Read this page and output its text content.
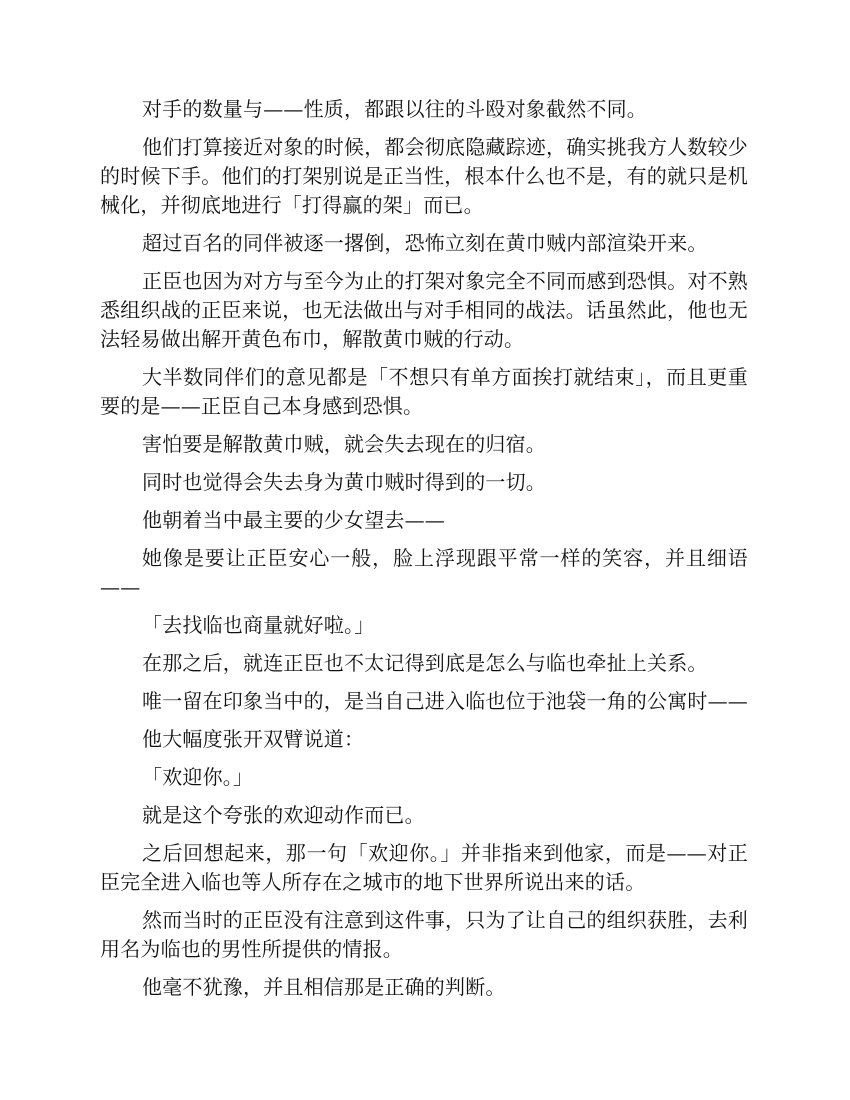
对手的数量与——性质，都跟以往的斗殴对象截然不同。

他们打算接近对象的时候，都会彻底隐藏踪迹，确实挑我方人数较少的时候下手。他们的打架别说是正当性，根本什么也不是，有的就只是机械化，并彻底地进行「打得赢的架」而已。

超过百名的同伴被逐一撂倒，恐怖立刻在黄巾贼内部渲染开来。

正臣也因为对方与至今为止的打架对象完全不同而感到恐惧。对不熟悉组织战的正臣来说，也无法做出与对手相同的战法。话虽然此，他也无法轻易做出解开黄色布巾，解散黄巾贼的行动。

大半数同伴们的意见都是「不想只有单方面挨打就结束」，而且更重要的是——正臣自己本身感到恐惧。

害怕要是解散黄巾贼，就会失去现在的归宿。

同时也觉得会失去身为黄巾贼时得到的一切。

他朝着当中最主要的少女望去——

她像是要让正臣安心一般，脸上浮现跟平常一样的笑容，并且细语——

「去找临也商量就好啦。」

在那之后，就连正臣也不太记得到底是怎么与临也牵扯上关系。

唯一留在印象当中的，是当自己进入临也位于池袋一角的公寓时——

他大幅度张开双臂说道：

「欢迎你。」

就是这个夸张的欢迎动作而已。

之后回想起来，那一句「欢迎你。」并非指来到他家，而是——对正臣完全进入临也等人所存在之城市的地下世界所说出来的话。

然而当时的正臣没有注意到这件事，只为了让自己的组织获胜，去利用名为临也的男性所提供的情报。

他毫不犹豫，并且相信那是正确的判断。
